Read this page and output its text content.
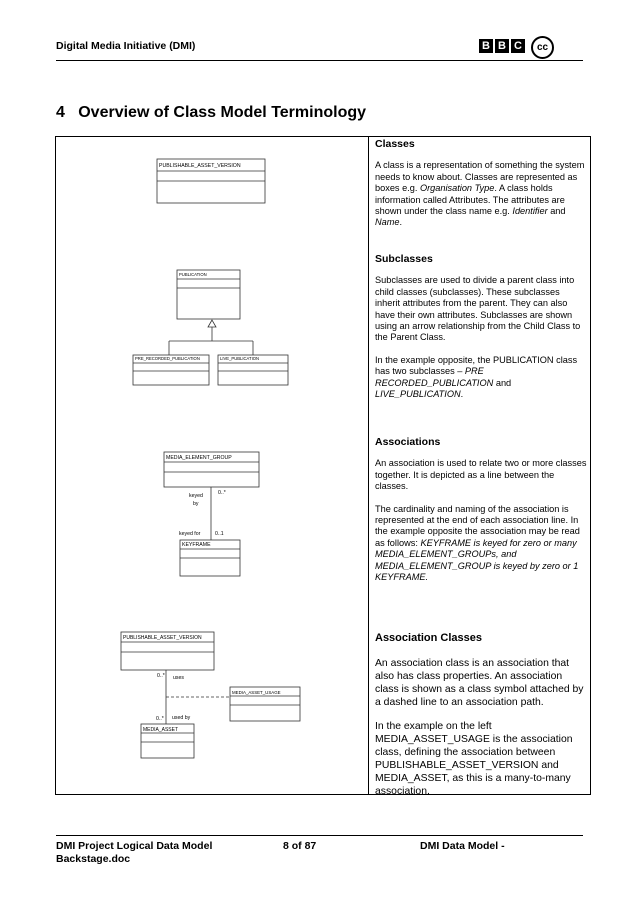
Digital Media Initiative (DMI)	B B C	cc
4   Overview of Class Model Terminology
PUBLISHABLE_ASSET_VERSION
PUBLICATION
PRE_RECORDED_PUBLICATION	LIVE_PUBLICATION
MEDIA_ELEMENT_GROUP
KEYFRAME
keyed
by
0..*
keyed for	0..1
PUBLISHABLE_ASSET_VERSION
MEDIA_ASSET_USAGE
MEDIA_ASSET
0..* uses
0..* used by
Classes

A class is a representation of something the system needs to know about. Classes are represented as boxes e.g. Organisation Type. A class holds information called Attributes. The attributes are shown under the class name e.g. Identifier and Name.

Subclasses

Subclasses are used to divide a parent class into child classes (subclasses). These subclasses inherit attributes from the parent. They can also have their own attributes. Subclasses are shown using an arrow relationship from the Child Class to the Parent Class.

In the example opposite, the PUBLICATION class has two subclasses – PRE RECORDED_PUBLICATION and LIVE_PUBLICATION.

Associations

An association is used to relate two or more classes together. It is depicted as a line between the classes.

The cardinality and naming of the association is represented at the end of each association line. In the example opposite the association may be read as follows: KEYFRAME is keyed for zero or many MEDIA_ELEMENT_GROUPs, and MEDIA_ELEMENT_GROUP is keyed by zero or 1 KEYFRAME.

Association Classes

An association class is an association that also has class properties. An association class is shown as a class symbol attached by a dashed line to an association path.

In the example on the left MEDIA_ASSET_USAGE is the association class, defining the association between PUBLISHABLE_ASSET_VERSION and MEDIA_ASSET, as this is a many-to-many association.

DMI Project Logical Data Model Backstage.doc
8 of 87	DMI Data Model -
